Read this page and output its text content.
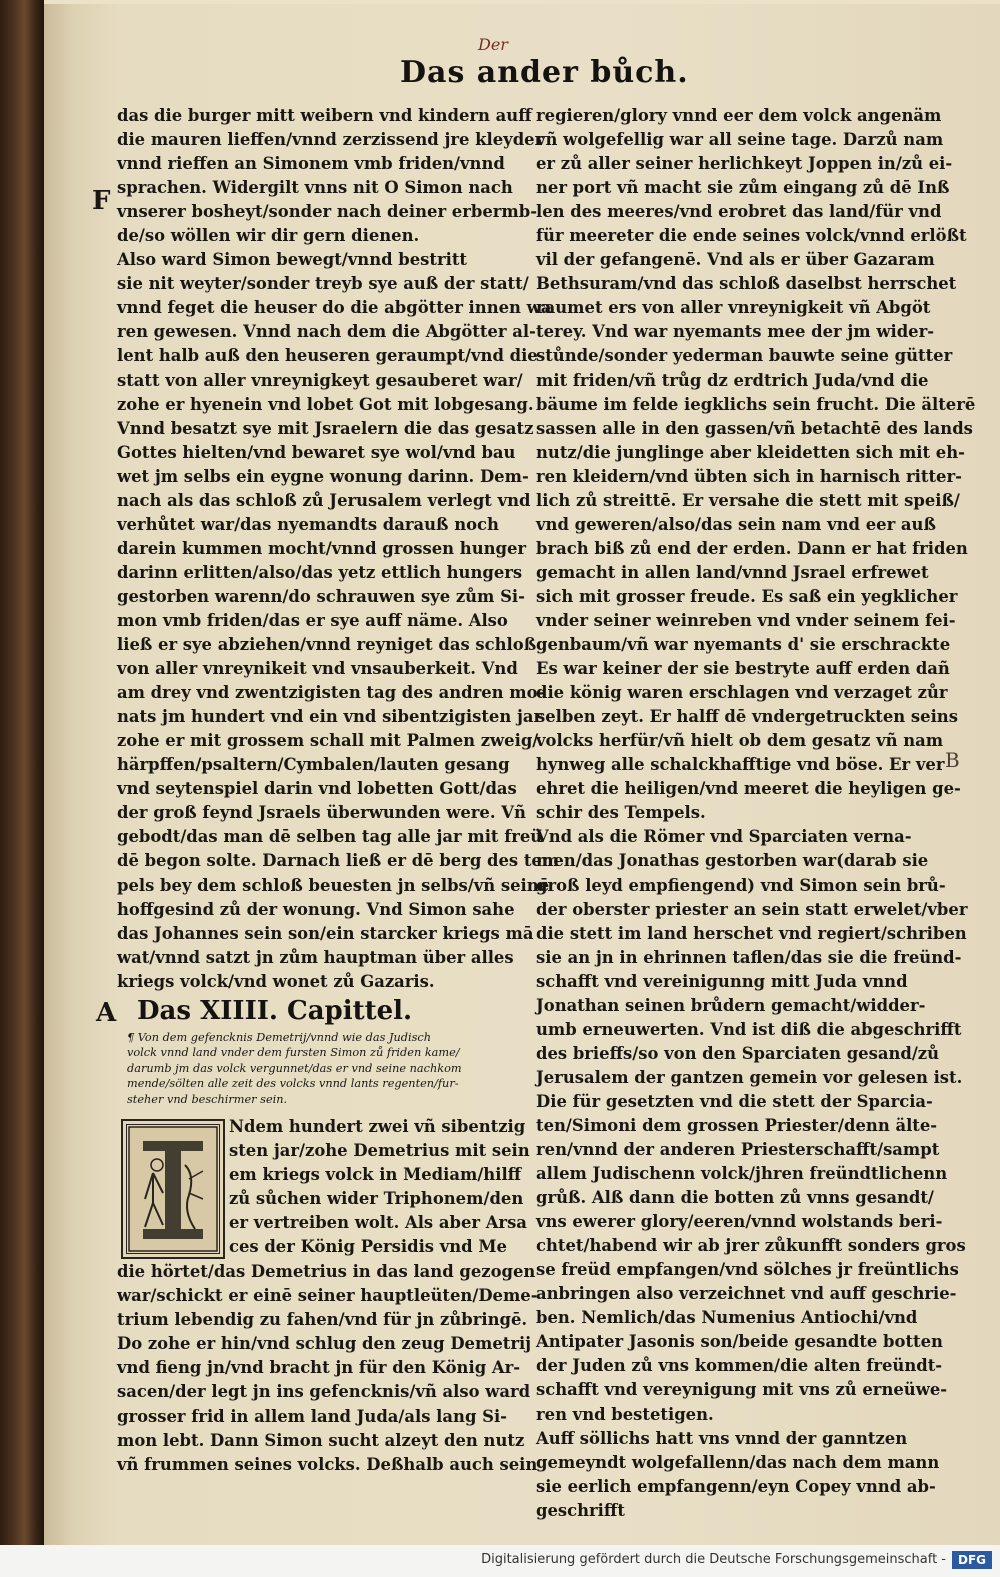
Der
Das ander bůch.
F
A
B
das die burger mitt weibern vnd kindern auff
die mauren lieffen/vnnd zerzissend jre kleyder
vnnd rieffen an Simonem vmb friden/vnnd
sprachen. Widergilt vnns nit O Simon nach
vnserer bosheyt/sonder nach deiner erbermb-
de/so wöllen wir dir gern dienen.
Also ward Simon bewegt/vnnd bestritt
sie nit weyter/sonder treyb sye auß der statt/
vnnd feget die heuser do die abgötter innen wa
ren gewesen. Vnnd nach dem die Abgötter al-
lent halb auß den heuseren geraumpt/vnd die
statt von aller vnreynigkeyt gesauberet war/
zohe er hyenein vnd lobet Got mit lobgesang.
Vnnd besatzt sye mit Jsraelern die das gesatz
Gottes hielten/vnd bewaret sye wol/vnd bau
wet jm selbs ein eygne wonung darinn. Dem-
nach als das schloß zů Jerusalem verlegt vnd
verhůtet war/das nyemandts darauß noch
darein kummen mocht/vnnd grossen hunger
darinn erlitten/also/das yetz ettlich hungers
gestorben warenn/do schrauwen sye zům Si-
mon vmb friden/das er sye auff näme. Also
ließ er sye abziehen/vnnd reyniget das schloß
von aller vnreynikeit vnd vnsauberkeit. Vnd
am drey vnd zwentzigisten tag des andren mo-
nats jm hundert vnd ein vnd sibentzigisten jar
zohe er mit grossem schall mit Palmen zweig/
härpffen/psaltern/Cymbalen/lauten gesang
vnd seytenspiel darin vnd lobetten Gott/das
der groß feynd Jsraels überwunden were. Vñ
gebodt/das man dē selben tag alle jar mit freü
dē begon solte. Darnach ließ er dē berg des tem
pels bey dem schloß beuesten jn selbs/vñ seinē
hoffgesind zů der wonung. Vnd Simon sahe
das Johannes sein son/ein starcker kriegs mā
wat/vnnd satzt jn zům hauptman über alles
kriegs volck/vnd wonet zů Gazaris.
Das XIIII. Capittel.
¶ Von dem gefencknis Demetrij/vnnd wie das Judisch
volck vnnd land vnder dem fursten Simon zů friden kame/
darumb jm das volck vergunnet/das er vnd seine nachkom
mende/sölten alle zeit des volcks vnnd lants regenten/fur-
steher vnd beschirmer sein.
Ndem hundert zwei vñ sibentzig
sten jar/zohe Demetrius mit sein
em kriegs volck in Mediam/hilff
zů sůchen wider Triphonem/den
er vertreiben wolt. Als aber Arsa
ces der König Persidis vnd Me
die hörtet/das Demetrius in das land gezogen
war/schickt er einē seiner hauptleüten/Deme-
trium lebendig zu fahen/vnd für jn zůbringē.
Do zohe er hin/vnd schlug den zeug Demetrij
vnd fieng jn/vnd bracht jn für den König Ar-
sacen/der legt jn ins gefencknis/vñ also ward
grosser frid in allem land Juda/als lang Si-
mon lebt. Dann Simon sucht alzeyt den nutz
vñ frummen seines volcks. Deßhalb auch sein
regieren/glory vnnd eer dem volck angenäm
vñ wolgefellig war all seine tage. Darzů nam
er zů aller seiner herlichkeyt Joppen in/zů ei-
ner port vñ macht sie zům eingang zů dē Inß
len des meeres/vnd erobret das land/für vnd
für meereter die ende seines volck/vnnd erlößt
vil der gefangenē. Vnd als er über Gazaram
Bethsuram/vnd das schloß daselbst herrschet
raumet ers von aller vnreynigkeit vñ Abgöt
terey. Vnd war nyemants mee der jm wider-
stůnde/sonder yederman bauwte seine gütter
mit friden/vñ trůg dz erdtrich Juda/vnd die
bäume im felde iegklichs sein frucht. Die älterē
sassen alle in den gassen/vñ betachtē des lands
nutz/die junglinge aber kleidetten sich mit eh-
ren kleidern/vnd übten sich in harnisch ritter-
lich zů streittē. Er versahe die stett mit speiß/
vnd geweren/also/das sein nam vnd eer auß
brach biß zů end der erden. Dann er hat friden
gemacht in allen land/vnnd Jsrael erfrewet
sich mit grosser freude. Es saß ein yegklicher
vnder seiner weinreben vnd vnder seinem fei-
genbaum/vñ war nyemants d' sie erschrackte
Es war keiner der sie bestryte auff erden dañ
die könig waren erschlagen vnd verzaget zůr
selben zeyt. Er halff dē vndergetruckten seins
volcks herfür/vñ hielt ob dem gesatz vñ nam
hynweg alle schalckhafftige vnd böse. Er ver
ehret die heiligen/vnd meeret die heyligen ge-
schir des Tempels.
Vnd als die Römer vnd Sparciaten verna-
men/das Jonathas gestorben war(darab sie
groß leyd empfiengend) vnd Simon sein brů-
der oberster priester an sein statt erwelet/vber
die stett im land herschet vnd regiert/schriben
sie an jn in ehrinnen taflen/das sie die freünd-
schafft vnd vereinigunng mitt Juda vnnd
Jonathan seinen brůdern gemacht/widder-
umb erneuwerten. Vnd ist diß die abgeschrifft
des brieffs/so von den Sparciaten gesand/zů
Jerusalem der gantzen gemein vor gelesen ist.
Die für gesetzten vnd die stett der Sparcia-
ten/Simoni dem grossen Priester/denn älte-
ren/vnnd der anderen Priesterschafft/sampt
allem Judischenn volck/jhren freündtlichenn
grůß. Alß dann die botten zů vnns gesandt/
vns ewerer glory/eeren/vnnd wolstands beri-
chtet/habend wir ab jrer zůkunfft sonders gros
se freüd empfangen/vnd sölches jr freüntlichs
anbringen also verzeichnet vnd auff geschrie-
ben. Nemlich/das Numenius Antiochi/vnd
Antipater Jasonis son/beide gesandte botten
der Juden zů vns kommen/die alten freündt-
schafft vnd vereynigung mit vns zů erneüwe-
ren vnd bestetigen.
Auff söllichs hatt vns vnnd der ganntzen
gemeyndt wolgefallenn/das nach dem mann
sie eerlich empfangenn/eyn Copey vnnd ab-
geschrifft
Digitalisierung gefördert durch die Deutsche Forschungsgemeinschaft - DFG
